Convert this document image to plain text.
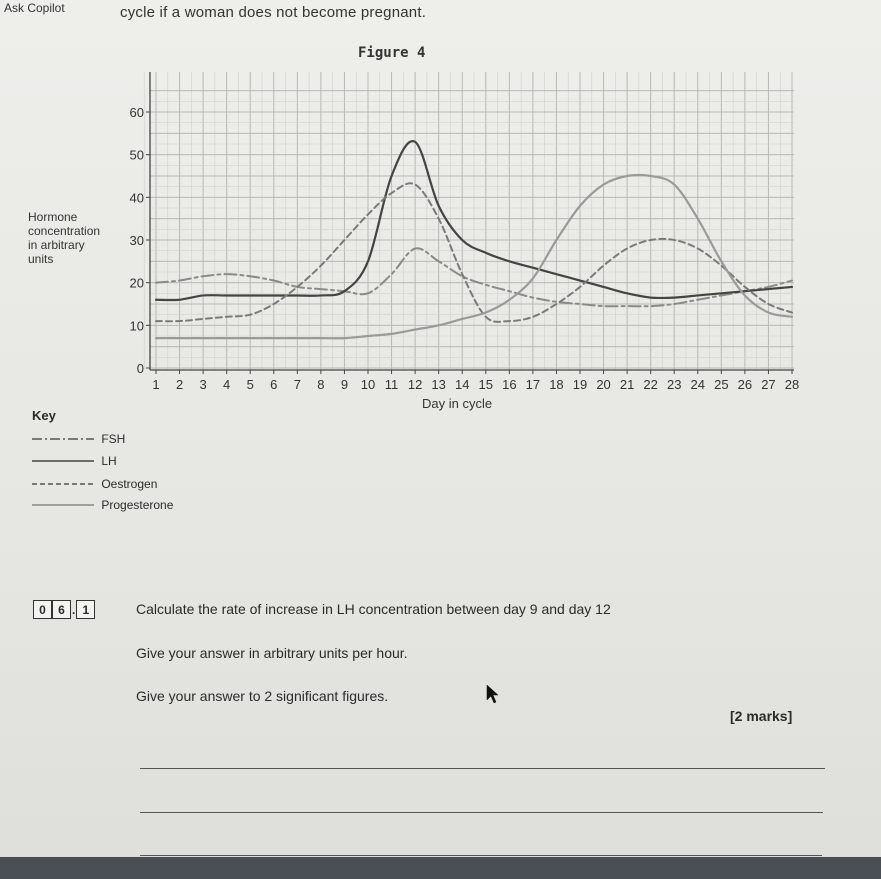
Ask Copilot	cycle if a woman does not become pregnant.
Figure 4
Hormone
concentration
in arbitrary
units
0
10
20
30
40
50
60
1 2 3 4 5 6 7 8 9 10 11 12 13 14 15 16 17 18 19 20 21 22 23 24 25 26 27 28
Day in cycle
Key
FSH
LH
Oestrogen
Progesterone
0	6 . 1	Calculate the rate of increase in LH concentration between day 9 and day 12
Give your answer in arbitrary units per hour.
Give your answer to 2 significant figures.
[2 marks]
